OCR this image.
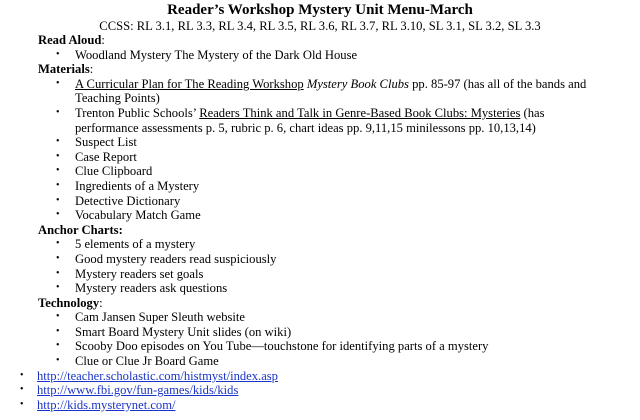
Reader’s Workshop Mystery Unit Menu-March
CCSS: RL 3.1, RL 3.3, RL 3.4, RL 3.5, RL 3.6, RL 3.7, RL 3.10, SL 3.1, SL 3.2, SL 3.3
Read Aloud:
• Woodland Mystery The Mystery of the Dark Old House
Materials:
• A Curricular Plan for The Reading Workshop Mystery Book Clubs pp. 85-97 (has all of the bands and Teaching Points)
• Trenton Public Schools’ Readers Think and Talk in Genre-Based Book Clubs: Mysteries (has performance assessments p. 5, rubric p. 6, chart ideas pp. 9,11,15 minilessons pp. 10,13,14)
• Suspect List
• Case Report
• Clue Clipboard
• Ingredients of a Mystery
• Detective Dictionary
• Vocabulary Match Game
Anchor Charts:
• 5 elements of a mystery
• Good mystery readers read suspiciously
• Mystery readers set goals
• Mystery readers ask questions
Technology:
• Cam Jansen Super Sleuth website
• Smart Board Mystery Unit slides (on wiki)
• Scooby Doo episodes on You Tube—touchstone for identifying parts of a mystery
• Clue or Clue Jr Board Game
• http://teacher.scholastic.com/histmyst/index.asp
• http://www.fbi.gov/fun-games/kids/kids
• http://kids.mysterynet.com/
